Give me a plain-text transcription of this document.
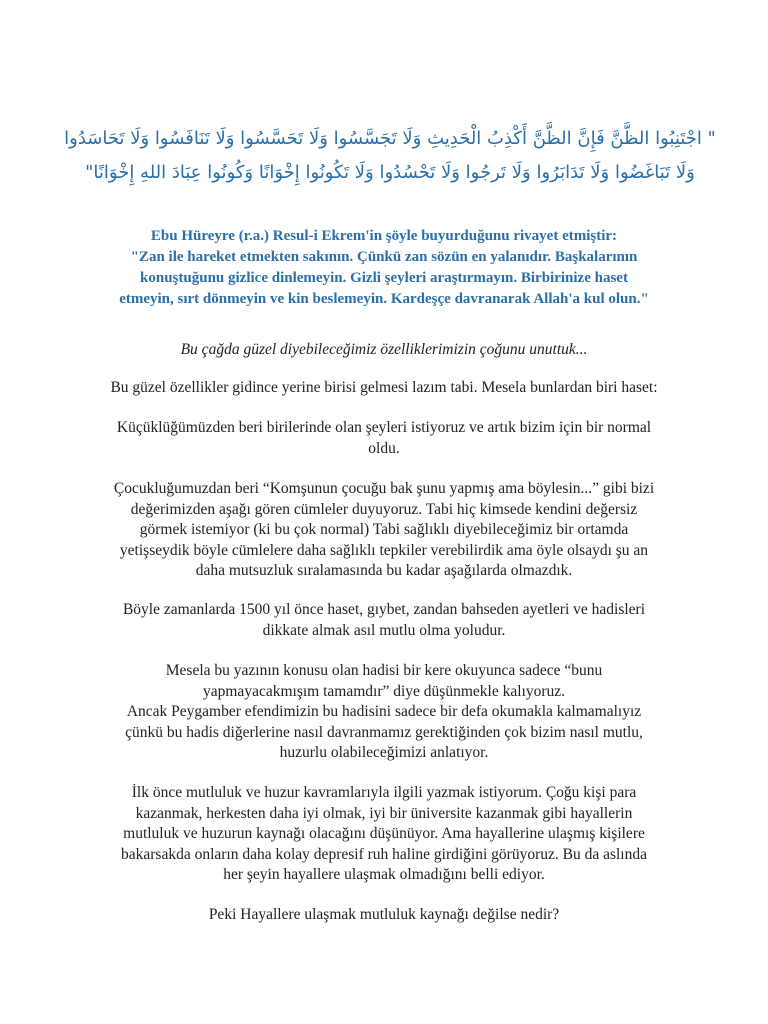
" اجْتَنِبُوا الظَّنَّ فَإِنَّ الظَّنَّ أَكْذِبُ الْحَدِيثِ وَلَا تَجَسَّسُوا وَلَا تَحَسَّسُوا وَلَا تَنَافَسُوا وَلَا تَحَاسَدُوا
وَلَا تَبَاغَضُوا وَلَا تَدَابَرُوا وَلَا تَرجُوا وَلَا تَحْسُدُوا وَلَا تَكُونُوا إِخْوَانًا وَكُونُوا عِبَادَ اللهِ إِخْوَانًا"
Ebu Hüreyre (r.a.) Resul-i Ekrem'in şöyle buyurduğunu rivayet etmiştir:
"Zan ile hareket etmekten sakının. Çünkü zan sözün en yalanıdır. Başkalarının
konuştuğunu gizlice dinlemeyin. Gizli şeyleri araştırmayın. Birbirinize haset
etmeyin, sırt dönmeyin ve kin beslemeyin. Kardeşçe davranarak Allah'a kul olun."
Bu çağda güzel diyebileceğimiz özelliklerimizin çoğunu unuttuk...
Bu güzel özellikler gidince yerine birisi gelmesi lazım tabi. Mesela bunlardan biri haset:
Küçüklüğümüzden beri birilerinde olan şeyleri istiyoruz ve artık bizim için bir normal
oldu.
Çocukluğumuzdan beri “Komşunun çocuğu bak şunu yapmış ama böylesin...” gibi bizi
değerimizden aşağı gören cümleler duyuyoruz. Tabi hiç kimsede kendini değersiz
görmek istemiyor (ki bu çok normal) Tabi sağlıklı diyebileceğimiz bir ortamda
yetişseydik böyle cümlelere daha sağlıklı tepkiler verebilirdik ama öyle olsaydı şu an
daha mutsuzluk sıralamasında bu kadar aşağılarda olmazdık.
Böyle zamanlarda 1500 yıl önce haset, gıybet, zandan bahseden ayetleri ve hadisleri
dikkate almak asıl mutlu olma yoludur.
Mesela bu yazının konusu olan hadisi bir kere okuyunca sadece “bunu
yapmayacakmışım tamamdır” diye düşünmekle kalıyoruz.
Ancak Peygamber efendimizin bu hadisini sadece bir defa okumakla kalmamalıyız
çünkü bu hadis diğerlerine nasıl davranmamız gerektiğinden çok bizim nasıl mutlu,
huzurlu olabileceğimizi anlatıyor.
İlk önce mutluluk ve huzur kavramlarıyla ilgili yazmak istiyorum. Çoğu kişi para
kazanmak, herkesten daha iyi olmak, iyi bir üniversite kazanmak gibi hayallerin
mutluluk ve huzurun kaynağı olacağını düşünüyor. Ama hayallerine ulaşmış kişilere
bakarsakda onların daha kolay depresif ruh haline girdiğini görüyoruz. Bu da aslında
her şeyin hayallere ulaşmak olmadığını belli ediyor.
Peki Hayallere ulaşmak mutluluk kaynağı değilse nedir?
